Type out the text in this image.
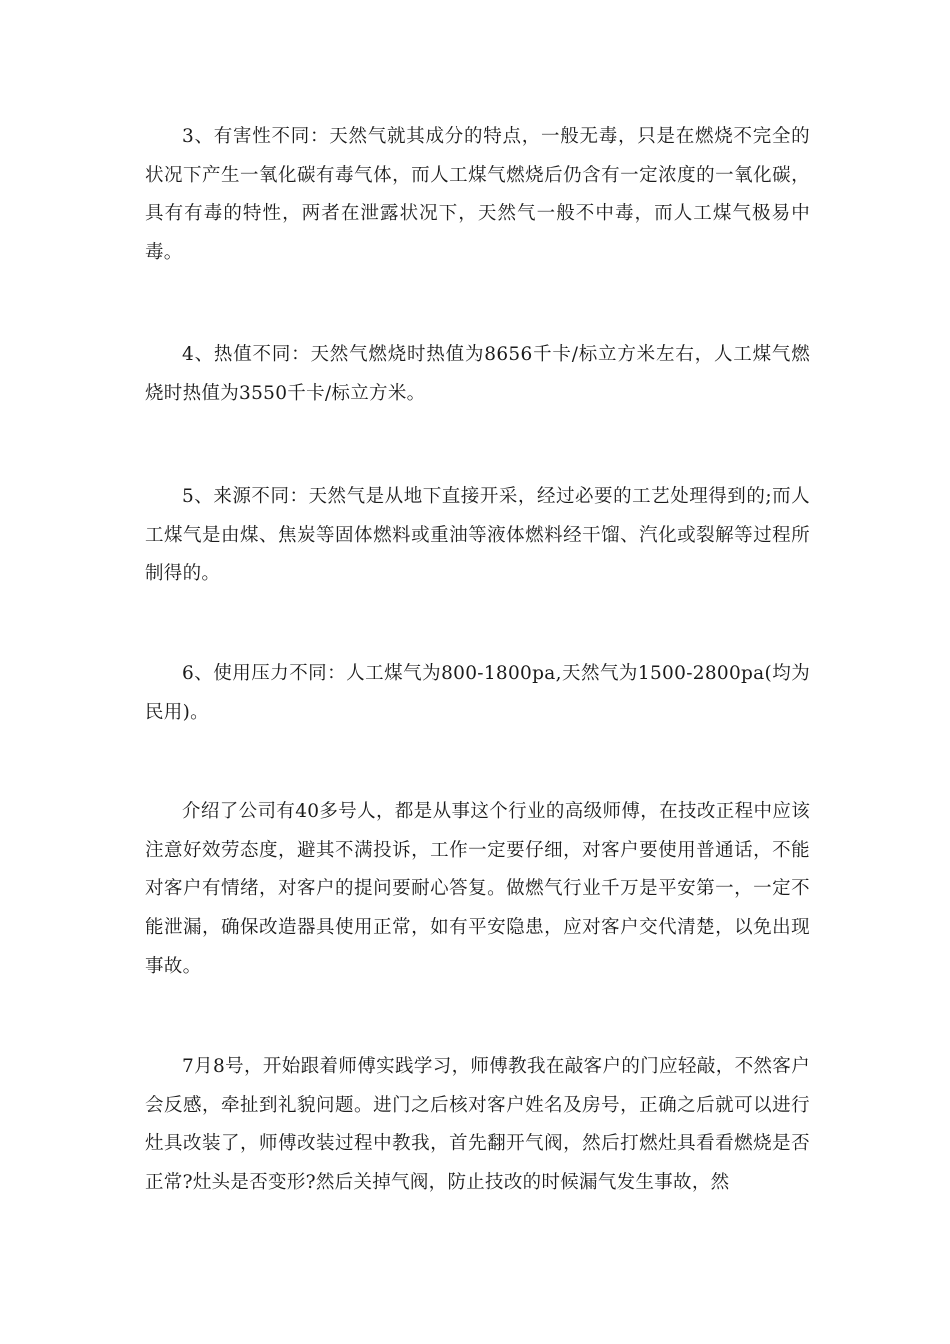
3、有害性不同：天然气就其成分的特点，一般无毒，只是在燃烧不完全的状况下产生一氧化碳有毒气体，而人工煤气燃烧后仍含有一定浓度的一氧化碳，具有有毒的特性，两者在泄露状况下，天然气一般不中毒，而人工煤气极易中毒。

4、热值不同：天然气燃烧时热值为8656千卡/标立方米左右，人工煤气燃烧时热值为3550千卡/标立方米。

5、来源不同：天然气是从地下直接开采，经过必要的工艺处理得到的;而人工煤气是由煤、焦炭等固体燃料或重油等液体燃料经干馏、汽化或裂解等过程所制得的。

6、使用压力不同：人工煤气为800-1800pa,天然气为1500-2800pa(均为民用)。

介绍了公司有40多号人，都是从事这个行业的高级师傅，在技改正程中应该注意好效劳态度，避其不满投诉，工作一定要仔细，对客户要使用普通话，不能对客户有情绪，对客户的提问要耐心答复。做燃气行业千万是平安第一，一定不能泄漏，确保改造器具使用正常，如有平安隐患，应对客户交代清楚，以免出现事故。

7月8号，开始跟着师傅实践学习，师傅教我在敲客户的门应轻敲，不然客户会反感，牵扯到礼貌问题。进门之后核对客户姓名及房号，正确之后就可以进行灶具改装了，师傅改装过程中教我，首先翻开气阀，然后打燃灶具看看燃烧是否正常?灶头是否变形?然后关掉气阀，防止技改的时候漏气发生事故，然
